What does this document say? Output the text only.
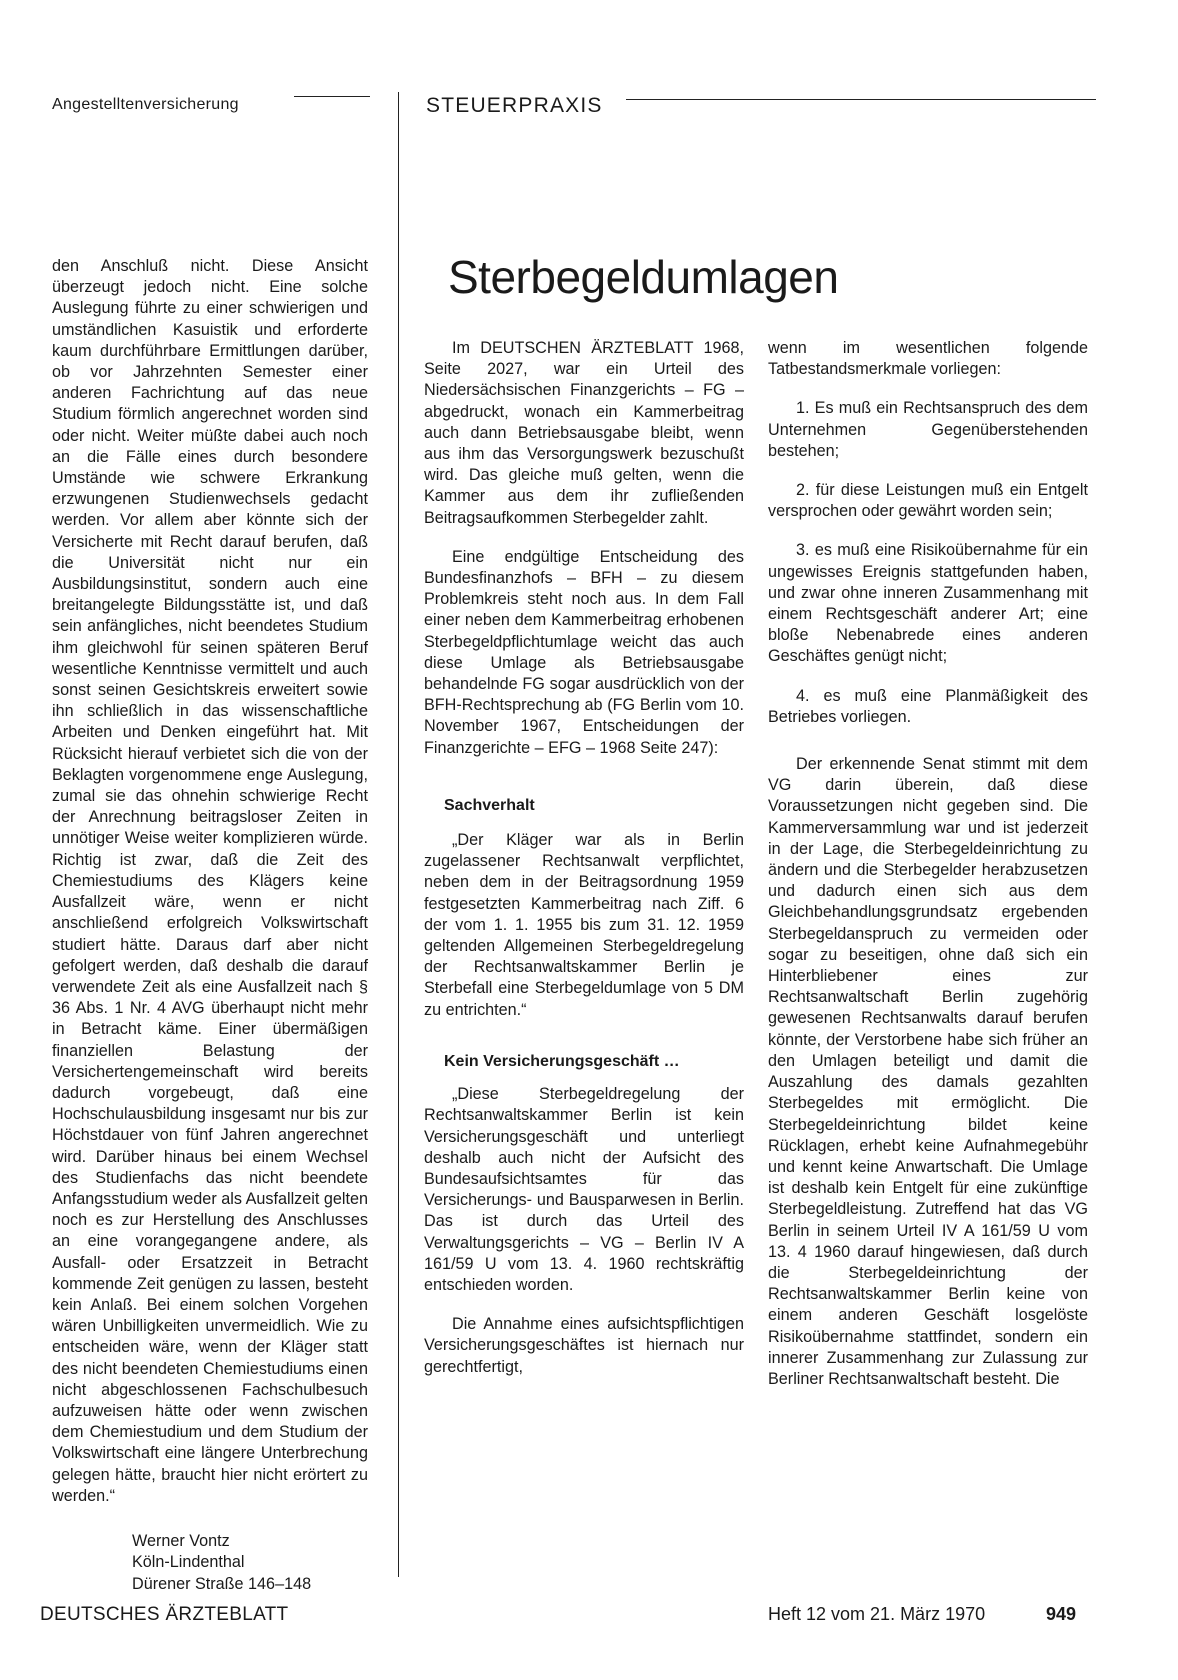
Angestelltenversicherung	STEUERPRAXIS
Sterbegeldumlagen

den Anschluß nicht. Diese Ansicht überzeugt jedoch nicht. Eine solche Auslegung führte zu einer schwierigen und umständlichen Kasuistik und erforderte kaum durchführbare Ermittlungen darüber, ob vor Jahrzehnten Semester einer anderen Fachrichtung auf das neue Studium förmlich angerechnet worden sind oder nicht. Weiter müßte dabei auch noch an die Fälle eines durch besondere Umstände wie schwere Erkrankung erzwungenen Studienwechsels gedacht werden. Vor allem aber könnte sich der Versicherte mit Recht darauf berufen, daß die Universität nicht nur ein Ausbildungsinstitut, sondern auch eine breitangelegte Bildungsstätte ist, und daß sein anfängliches, nicht beendetes Studium ihm gleichwohl für seinen späteren Beruf wesentliche Kenntnisse vermittelt und auch sonst seinen Gesichtskreis erweitert sowie ihn schließlich in das wissenschaftliche Arbeiten und Denken eingeführt hat. Mit Rücksicht hierauf verbietet sich die von der Beklagten vorgenommene enge Auslegung, zumal sie das ohnehin schwierige Recht der Anrechnung beitragsloser Zeiten in unnötiger Weise weiter komplizieren würde. Richtig ist zwar, daß die Zeit des Chemiestudiums des Klägers keine Ausfallzeit wäre, wenn er nicht anschließend erfolgreich Volkswirtschaft studiert hätte. Daraus darf aber nicht gefolgert werden, daß deshalb die darauf verwendete Zeit als eine Ausfallzeit nach § 36 Abs. 1 Nr. 4 AVG überhaupt nicht mehr in Betracht käme. Einer übermäßigen finanziellen Belastung der Versichertengemeinschaft wird bereits dadurch vorgebeugt, daß eine Hochschulausbildung insgesamt nur bis zur Höchstdauer von fünf Jahren angerechnet wird. Darüber hinaus bei einem Wechsel des Studienfachs das nicht beendete Anfangsstudium weder als Ausfallzeit gelten noch es zur Herstellung des Anschlusses an eine vorangegangene andere, als Ausfall- oder Ersatzzeit in Betracht kommende Zeit genügen zu lassen, besteht kein Anlaß. Bei einem solchen Vorgehen wären Unbilligkeiten unvermeidlich. Wie zu entscheiden wäre, wenn der Kläger statt des nicht beendeten Chemiestudiums einen nicht abgeschlossenen Fachschulbesuch aufzuweisen hätte oder wenn zwischen dem Chemiestudium und dem Studium der Volkswirtschaft eine längere Unterbrechung gelegen hätte, braucht hier nicht erörtert zu werden.“

Werner Vontz
Köln-Lindenthal
Dürener Straße 146–148

Im DEUTSCHEN ÄRZTEBLATT 1968, Seite 2027, war ein Urteil des Niedersächsischen Finanzgerichts – FG – abgedruckt, wonach ein Kammerbeitrag auch dann Betriebsausgabe bleibt, wenn aus ihm das Versorgungswerk bezuschußt wird. Das gleiche muß gelten, wenn die Kammer aus dem ihr zufließenden Beitragsaufkommen Sterbegelder zahlt.

Eine endgültige Entscheidung des Bundesfinanzhofs – BFH – zu diesem Problemkreis steht noch aus. In dem Fall einer neben dem Kammerbeitrag erhobenen Sterbegeldpflichtumlage weicht das auch diese Umlage als Betriebsausgabe behandelnde FG sogar ausdrücklich von der BFH-Rechtsprechung ab (FG Berlin vom 10. November 1967, Entscheidungen der Finanzgerichte – EFG – 1968 Seite 247):

Sachverhalt

„Der Kläger war als in Berlin zugelassener Rechtsanwalt verpflichtet, neben dem in der Beitragsordnung 1959 festgesetzten Kammerbeitrag nach Ziff. 6 der vom 1. 1. 1955 bis zum 31. 12. 1959 geltenden Allgemeinen Sterbegeldregelung der Rechtsanwaltskammer Berlin je Sterbefall eine Sterbegeldumlage von 5 DM zu entrichten.“

Kein Versicherungsgeschäft …

„Diese Sterbegeldregelung der Rechtsanwaltskammer Berlin ist kein Versicherungsgeschäft und unterliegt deshalb auch nicht der Aufsicht des Bundesaufsichtsamtes für das Versicherungs- und Bausparwesen in Berlin. Das ist durch das Urteil des Verwaltungsgerichts – VG – Berlin IV A 161/59 U vom 13. 4. 1960 rechtskräftig entschieden worden.

Die Annahme eines aufsichtspflichtigen Versicherungsgeschäftes ist hiernach nur gerechtfertigt,

wenn im wesentlichen folgende Tatbestandsmerkmale vorliegen:

1. Es muß ein Rechtsanspruch des dem Unternehmen Gegenüberstehenden bestehen;

2. für diese Leistungen muß ein Entgelt versprochen oder gewährt worden sein;

3. es muß eine Risikoübernahme für ein ungewisses Ereignis stattgefunden haben, und zwar ohne inneren Zusammenhang mit einem Rechtsgeschäft anderer Art; eine bloße Nebenabrede eines anderen Geschäftes genügt nicht;

4. es muß eine Planmäßigkeit des Betriebes vorliegen.

Der erkennende Senat stimmt mit dem VG darin überein, daß diese Voraussetzungen nicht gegeben sind. Die Kammerversammlung war und ist jederzeit in der Lage, die Sterbegeldeinrichtung zu ändern und die Sterbegelder herabzusetzen und dadurch einen sich aus dem Gleichbehandlungsgrundsatz ergebenden Sterbegeldanspruch zu vermeiden oder sogar zu beseitigen, ohne daß sich ein Hinterbliebener eines zur Rechtsanwaltschaft Berlin zugehörig gewesenen Rechtsanwalts darauf berufen könnte, der Verstorbene habe sich früher an den Umlagen beteiligt und damit die Auszahlung des damals gezahlten Sterbegeldes mit ermöglicht. Die Sterbegeldeinrichtung bildet keine Rücklagen, erhebt keine Aufnahmegebühr und kennt keine Anwartschaft. Die Umlage ist deshalb kein Entgelt für eine zukünftige Sterbegeldleistung. Zutreffend hat das VG Berlin in seinem Urteil IV A 161/59 U vom 13. 4 1960 darauf hingewiesen, daß durch die Sterbegeldeinrichtung der Rechtsanwaltskammer Berlin keine von einem anderen Geschäft losgelöste Risikoübernahme stattfindet, sondern ein innerer Zusammenhang zur Zulassung zur Berliner Rechtsanwaltschaft besteht. Die

DEUTSCHES ÄRZTEBLATT	Heft 12 vom 21. März 1970	949
